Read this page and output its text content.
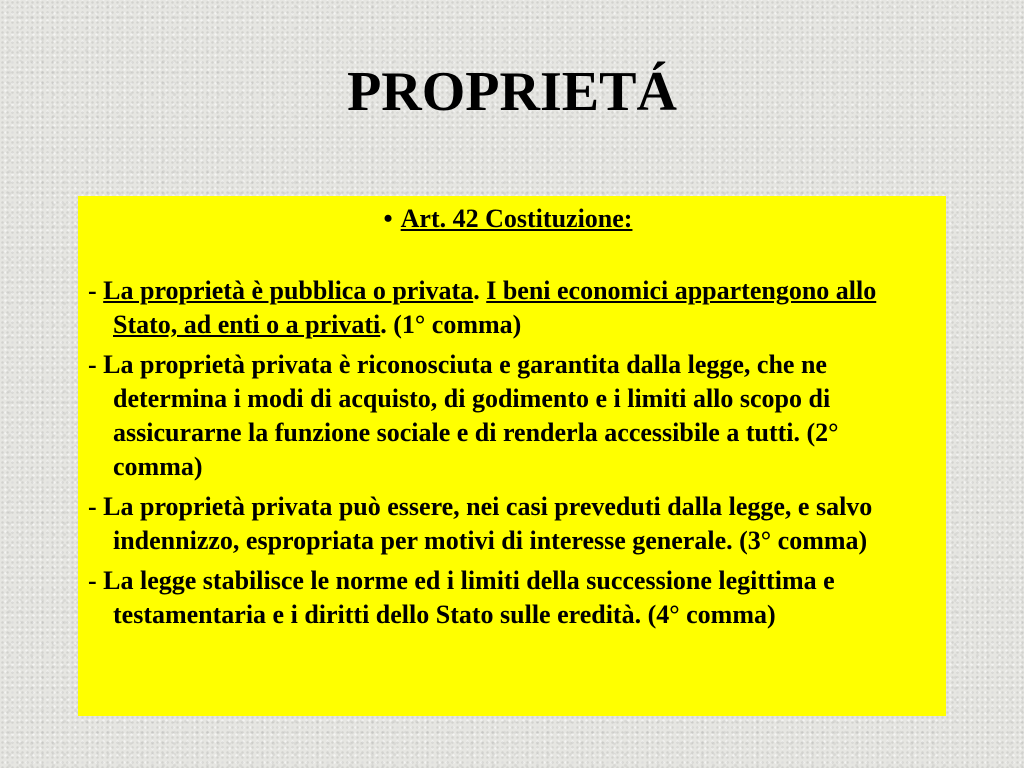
PROPRIETÁ

• Art. 42 Costituzione:

- La proprietà è pubblica o privata. I beni economici appartengono allo Stato, ad enti o a privati. (1° comma)

- La proprietà privata è riconosciuta e garantita dalla legge, che ne determina i modi di acquisto, di godimento e i limiti allo scopo di assicurarne la funzione sociale e di renderla accessibile a tutti. (2° comma)

- La proprietà privata può essere, nei casi preveduti dalla legge, e salvo indennizzo, espropriata per motivi di interesse generale. (3° comma)

- La legge stabilisce le norme ed i limiti della successione legittima e testamentaria e i diritti dello Stato sulle eredità. (4° comma)
